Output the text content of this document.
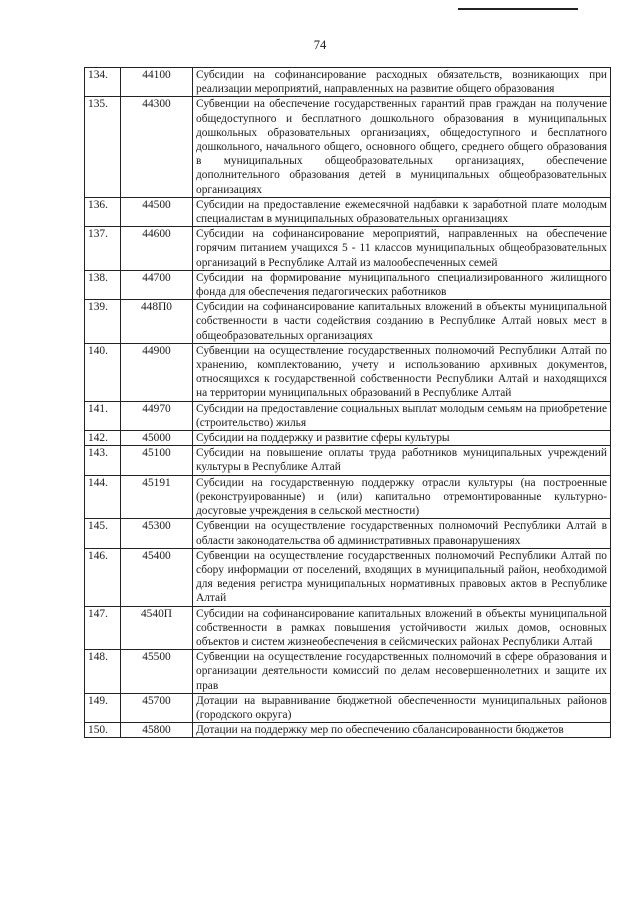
74
134.	44100	Субсидии на софинансирование расходных обязательств, возникающих при реализации мероприятий, направленных на развитие общего образования
135.	44300	Субвенции на обеспечение государственных гарантий прав граждан на получение общедоступного и бесплатного дошкольного образования в муниципальных дошкольных образовательных организациях, общедоступного и бесплатного дошкольного, начального общего, основного общего, среднего общего образования в муниципальных общеобразовательных организациях, обеспечение дополнительного образования детей в муниципальных общеобразовательных организациях
136.	44500	Субсидии на предоставление ежемесячной надбавки к заработной плате молодым специалистам в муниципальных образовательных организациях
137.	44600	Субсидии на софинансирование мероприятий, направленных на обеспечение горячим питанием учащихся 5 - 11 классов муниципальных общеобразовательных организаций в Республике Алтай из малообеспеченных семей
138.	44700	Субсидии на формирование муниципального специализированного жилищного фонда для обеспечения педагогических работников
139.	448П0	Субсидии на софинансирование капитальных вложений в объекты муниципальной собственности в части содействия созданию в Республике Алтай новых мест в общеобразовательных организациях
140.	44900	Субвенции на осуществление государственных полномочий Республики Алтай по хранению, комплектованию, учету и использованию архивных документов, относящихся к государственной собственности Республики Алтай и находящихся на территории муниципальных образований в Республике Алтай
141.	44970	Субсидии на предоставление социальных выплат молодым семьям на приобретение (строительство) жилья
142.	45000	Субсидии на поддержку и развитие сферы культуры
143.	45100	Субсидии на повышение оплаты труда работников муниципальных учреждений культуры в Республике Алтай
144.	45191	Субсидии на государственную поддержку отрасли культуры (на построенные (реконструированные) и (или) капитально отремонтированные культурно-досуговые учреждения в сельской местности)
145.	45300	Субвенции на осуществление государственных полномочий Республики Алтай в области законодательства об административных правонарушениях
146.	45400	Субвенции на осуществление государственных полномочий Республики Алтай по сбору информации от поселений, входящих в муниципальный район, необходимой для ведения регистра муниципальных нормативных правовых актов в Республике Алтай
147.	4540П	Субсидии на софинансирование капитальных вложений в объекты муниципальной собственности в рамках повышения устойчивости жилых домов, основных объектов и систем жизнеобеспечения в сейсмических районах Республики Алтай
148.	45500	Субвенции на осуществление государственных полномочий в сфере образования и организации деятельности комиссий по делам несовершеннолетних и защите их прав
149.	45700	Дотации на выравнивание бюджетной обеспеченности муниципальных районов (городского округа)
150.	45800	Дотации на поддержку мер по обеспечению сбалансированности бюджетов
